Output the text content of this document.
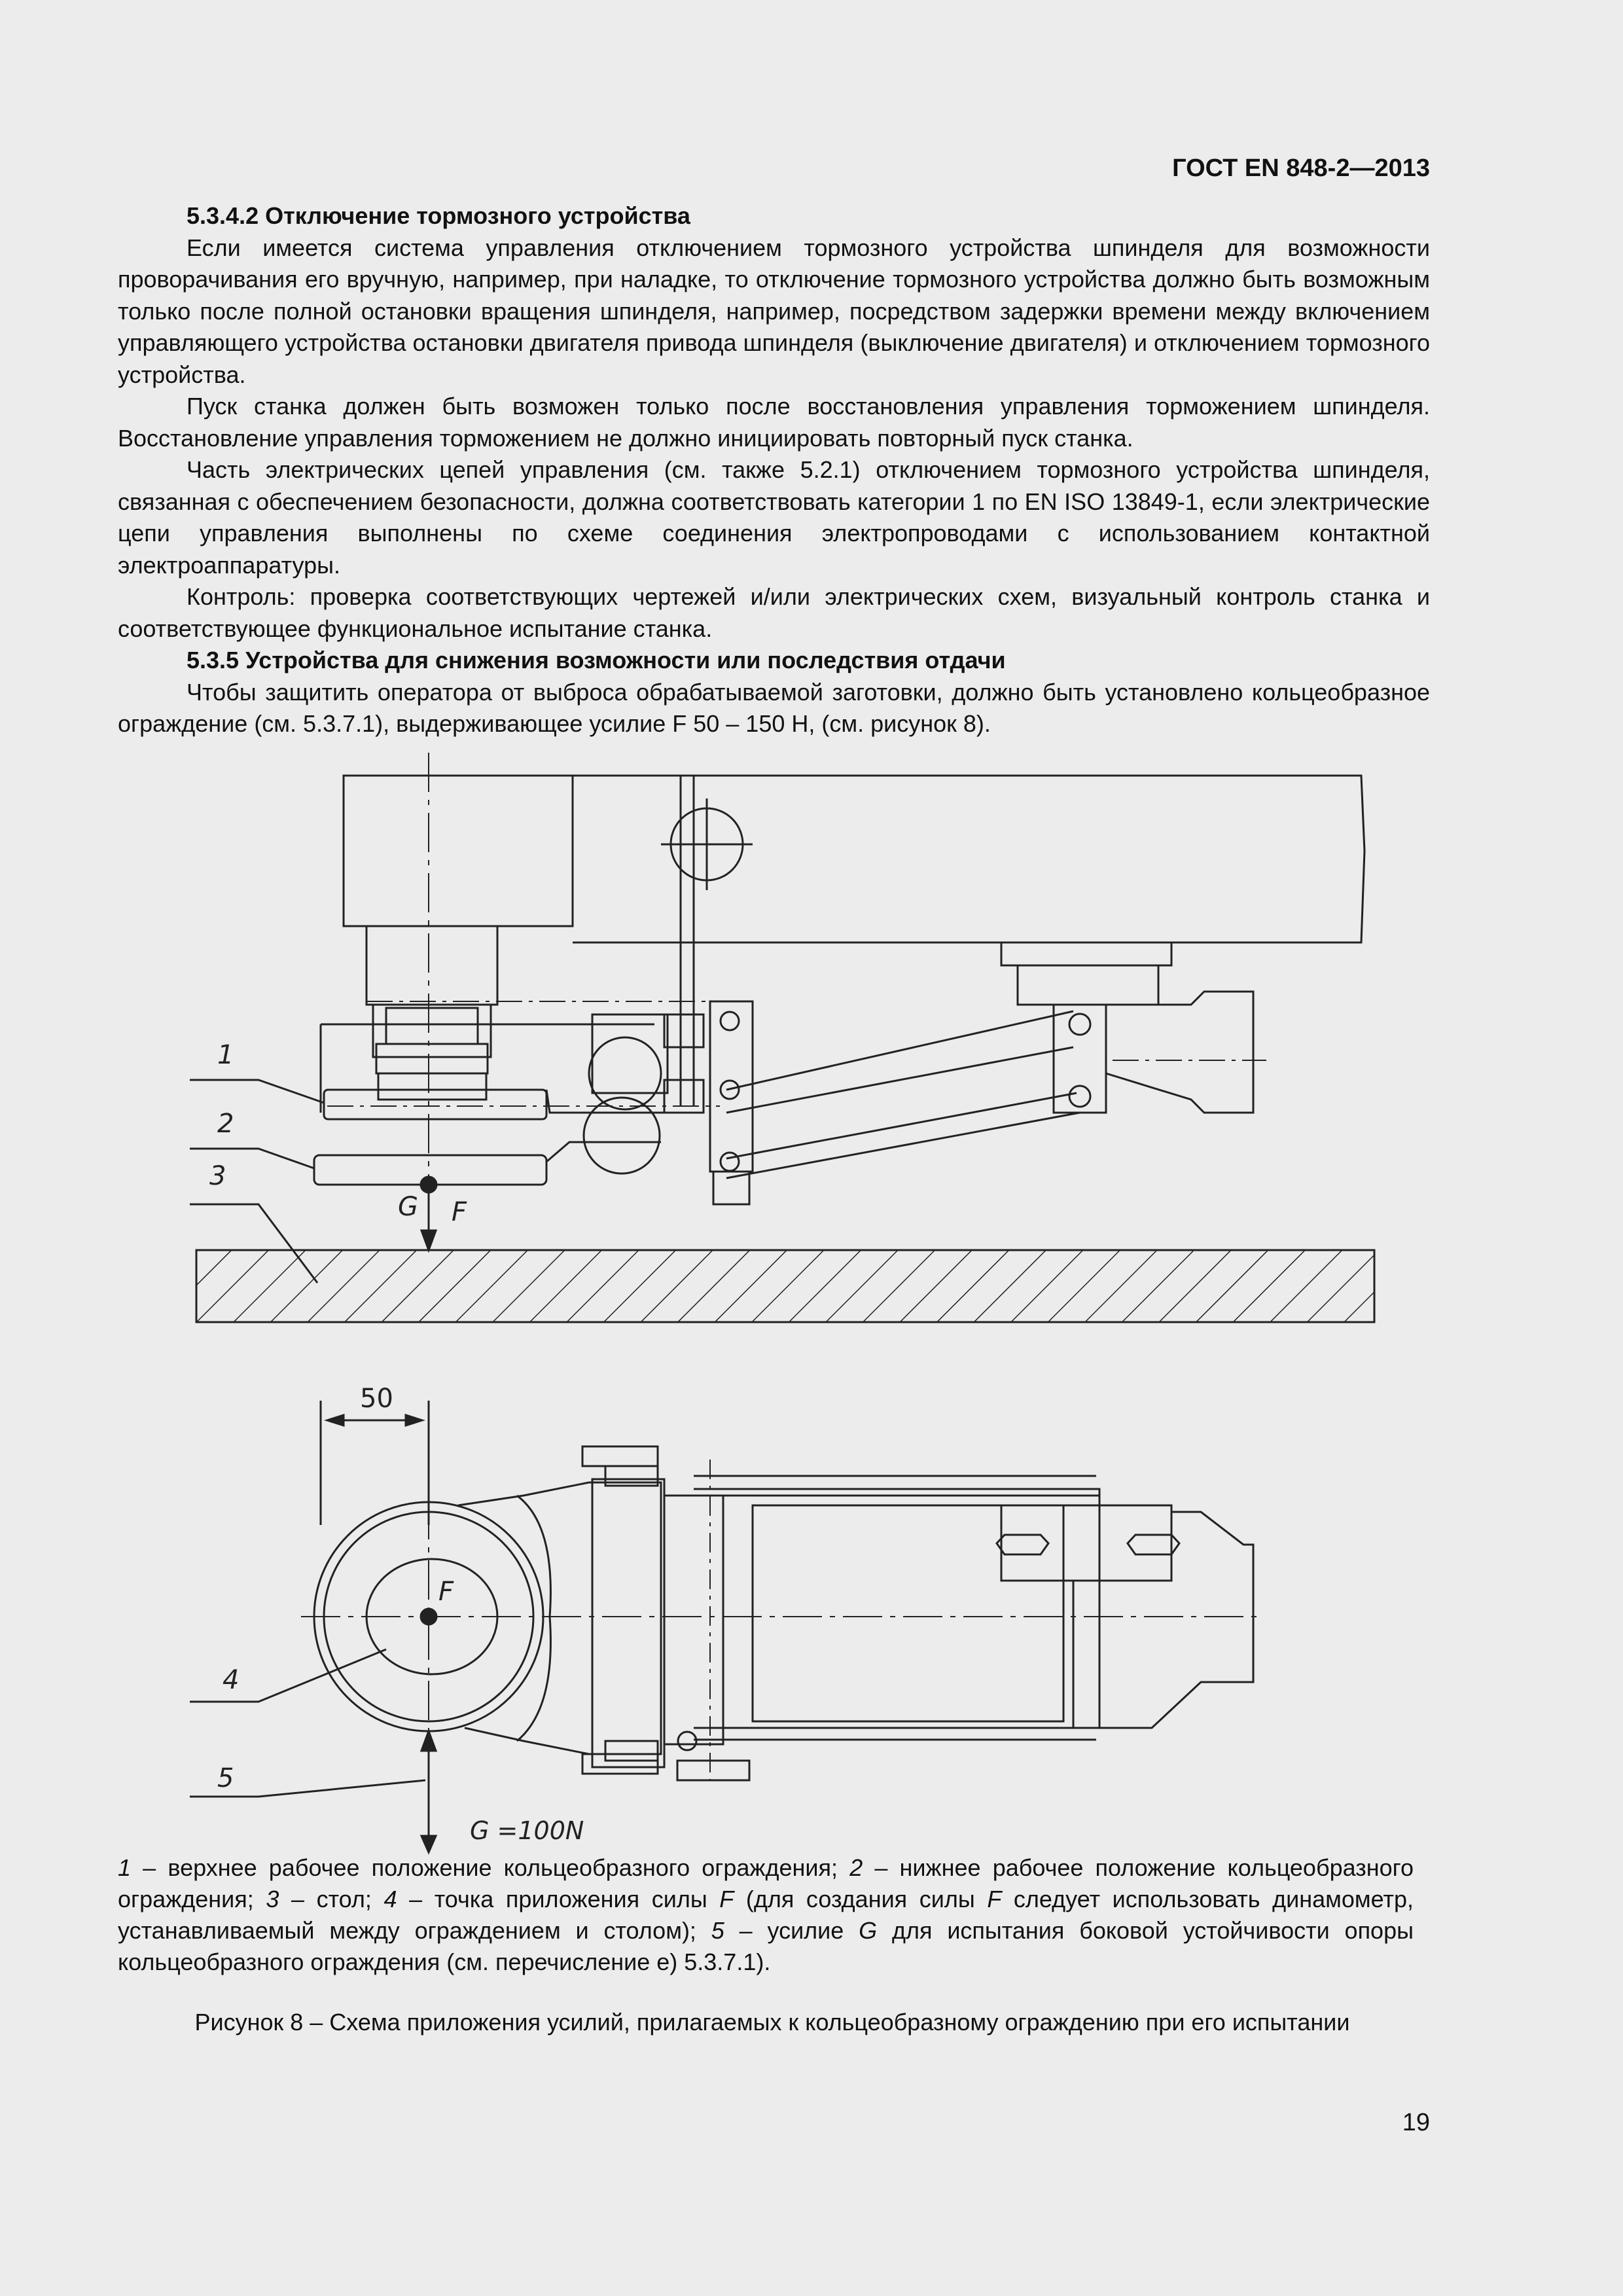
ГОСТ EN 848-2—2013

5.3.4.2 Отключение тормозного устройства

Если имеется система управления отключением тормозного устройства шпинделя для возможности проворачивания его вручную, например, при наладке, то отключение тормозного устройства должно быть возможным только после полной остановки вращения шпинделя, например, посредством задержки времени между включением управляющего устройства остановки двигателя привода шпинделя (выключение двигателя) и отключением тормозного устройства.

Пуск станка должен быть возможен только после восстановления управления торможением шпинделя. Восстановление управления торможением не должно инициировать повторный пуск станка.

Часть электрических цепей управления (см. также 5.2.1) отключением тормозного устройства шпинделя, связанная с обеспечением безопасности, должна соответствовать категории 1 по EN ISO 13849-1, если электрические цепи управления выполнены по схеме соединения электропроводами с использованием контактной электроаппаратуры.

Контроль: проверка соответствующих чертежей и/или электрических схем, визуальный контроль станка и соответствующее функциональное испытание станка.

5.3.5 Устройства для снижения возможности или последствия отдачи

Чтобы защитить оператора от выброса обрабатываемой заготовки, должно быть установлено кольцеобразное ограждение (см. 5.3.7.1), выдерживающее усилие F 50 – 150 Н, (см. рисунок 8).

1
2
3
G F
50
F
4
5
G =100N
1 – верхнее рабочее положение кольцеобразного ограждения; 2 – нижнее рабочее положение кольцеобразного ограждения; 3 – стол; 4 – точка приложения силы F (для создания силы F следует использовать динамометр, устанавливаемый между ограждением и столом); 5 – усилие G для испытания боковой устойчивости опоры кольцеобразного ограждения (см. перечисление е) 5.3.7.1).
Рисунок 8 – Схема приложения усилий, прилагаемых к кольцеобразному ограждению при его испытании
19
